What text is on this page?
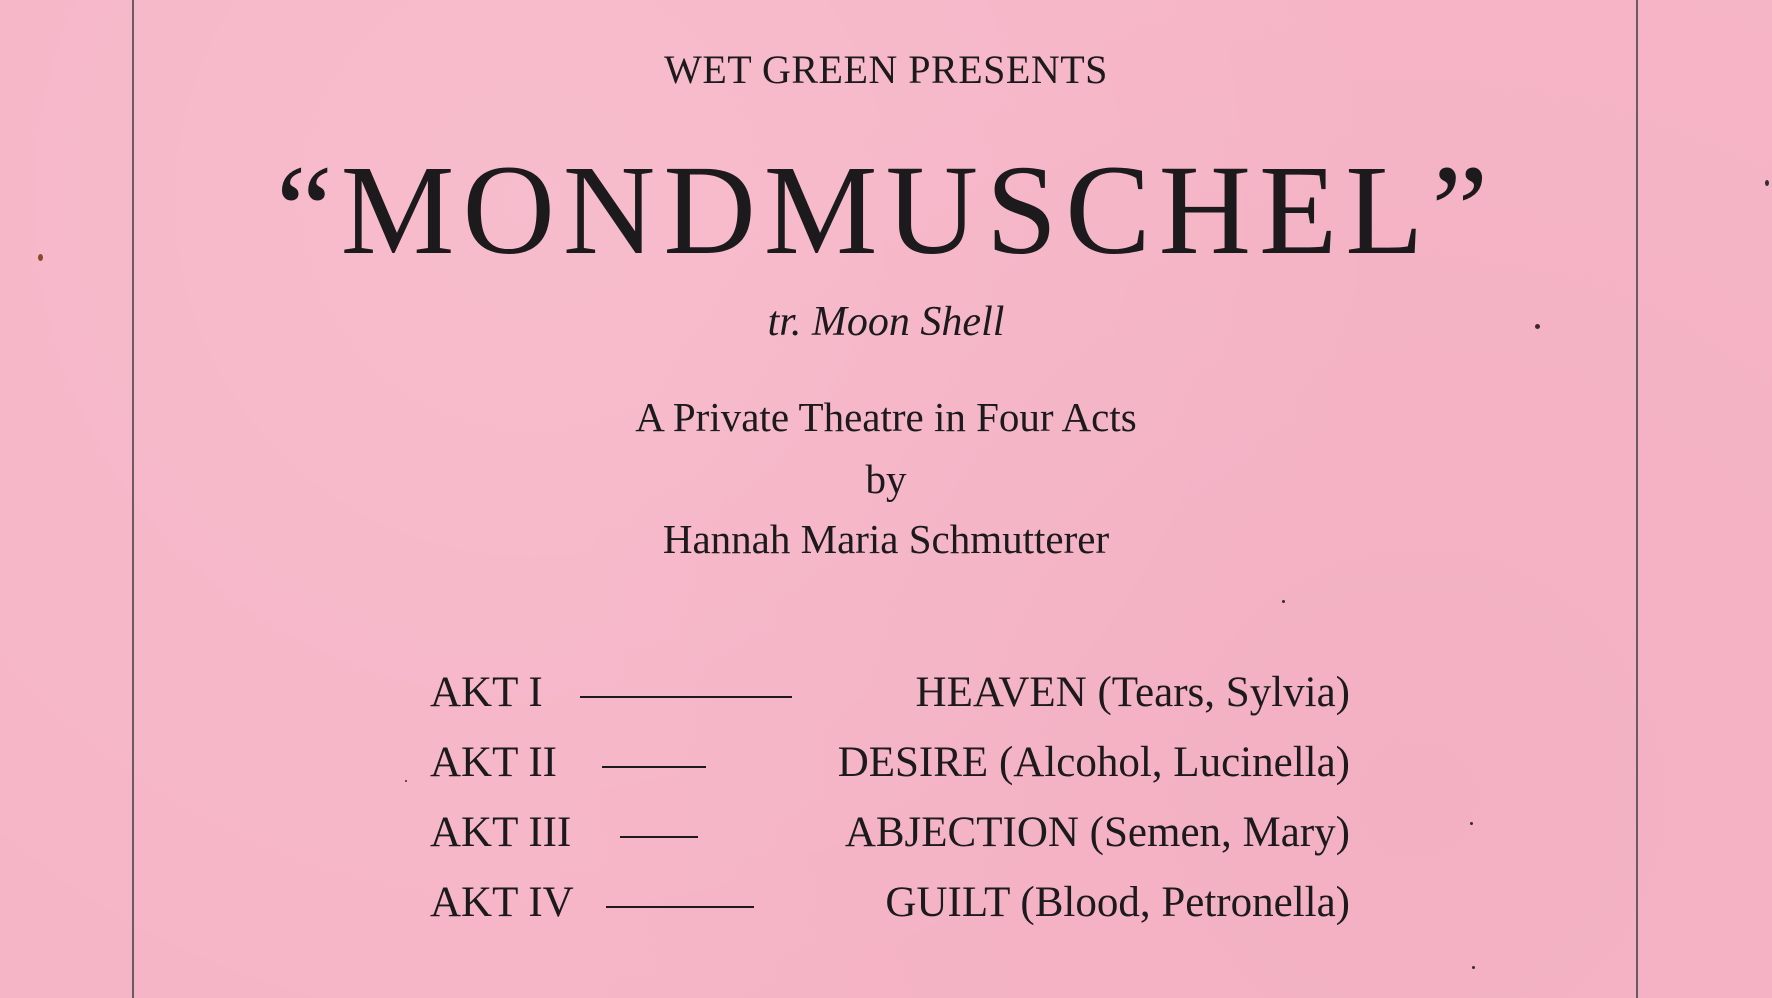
WET GREEN PRESENTS
“MONDMUSCHEL”
tr. Moon Shell
A Private Theatre in Four Acts
by
Hannah Maria Schmutterer
AKT I	HEAVEN (Tears, Sylvia)
AKT II	DESIRE (Alcohol, Lucinella)
AKT III	ABJECTION (Semen, Mary)
AKT IV	GUILT (Blood, Petronella)
